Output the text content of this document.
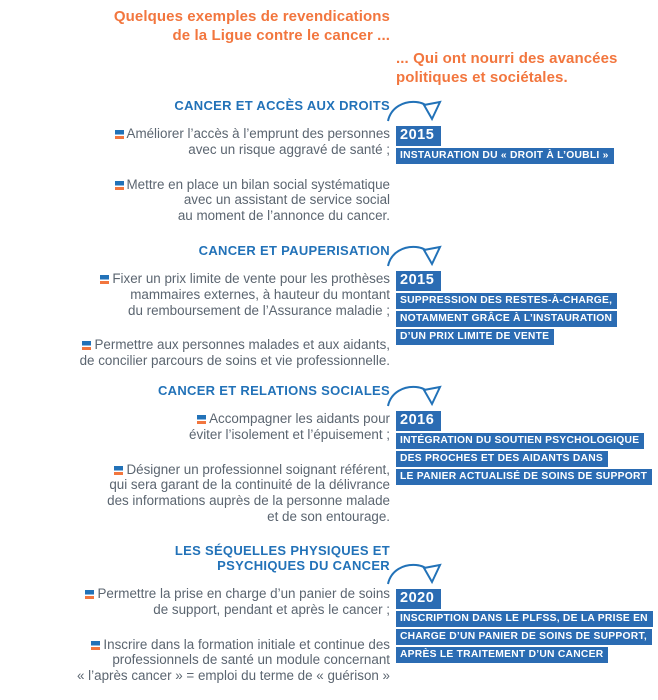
Quelques exemples de revendications
de la Ligue contre le cancer ...
... Qui ont nourri des avancées
politiques et sociétales.
CANCER ET ACCÈS AUX DROITS

Améliorer l’accès à l’emprunt des personnes
avec un risque aggravé de santé ;

Mettre en place un bilan social systématique
avec un assistant de service social
au moment de l’annonce du cancer.

2015
INSTAURATION DU « DROIT À L’OUBLI »
CANCER ET PAUPERISATION

Fixer un prix limite de vente pour les prothèses
mammaires externes, à hauteur du montant
du remboursement de l’Assurance maladie ;

Permettre aux personnes malades et aux aidants,
de concilier parcours de soins et vie professionnelle.

2015
SUPPRESSION DES RESTES-À-CHARGE,
NOTAMMENT GRÂCE À L’INSTAURATION
D’UN PRIX LIMITE DE VENTE
CANCER ET RELATIONS SOCIALES

Accompagner les aidants pour
éviter l’isolement et l’épuisement ;

Désigner un professionnel soignant référent,
qui sera garant de la continuité de la délivrance
des informations auprès de la personne malade
et de son entourage.

2016
INTÉGRATION DU SOUTIEN PSYCHOLOGIQUE
DES PROCHES ET DES AIDANTS DANS
LE PANIER ACTUALISÉ DE SOINS DE SUPPORT
LES SÉQUELLES PHYSIQUES ET
PSYCHIQUES DU CANCER

Permettre la prise en charge d’un panier de soins
de support, pendant et après le cancer ;

Inscrire dans la formation initiale et continue des
professionnels de santé un module concernant
« l’après cancer » = emploi du terme de « guérison »

2020
INSCRIPTION DANS LE PLFSS, DE LA PRISE EN
CHARGE D’UN PANIER DE SOINS DE SUPPORT,
APRÈS LE TRAITEMENT D’UN CANCER
